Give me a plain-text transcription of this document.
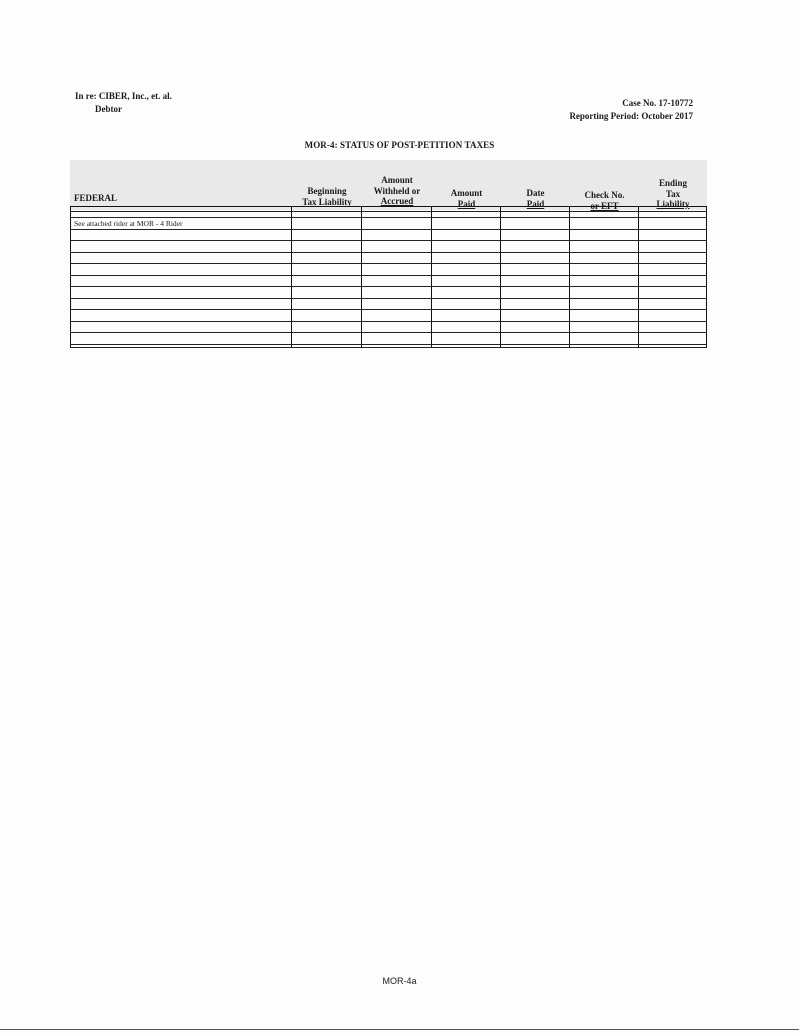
In re: CIBER, Inc., et. al.
Debtor
Case No. 17-10772
Reporting Period: October 2017
MOR-4: STATUS OF POST-PETITION TAXES
FEDERAL
Beginning
Tax Liability
Amount
Withheld or
Accrued
Amount
Paid
Date
Paid
Check No.
or EFT
Ending
Tax
Liability
See attached rider at MOR - 4 Rider
MOR-4a
